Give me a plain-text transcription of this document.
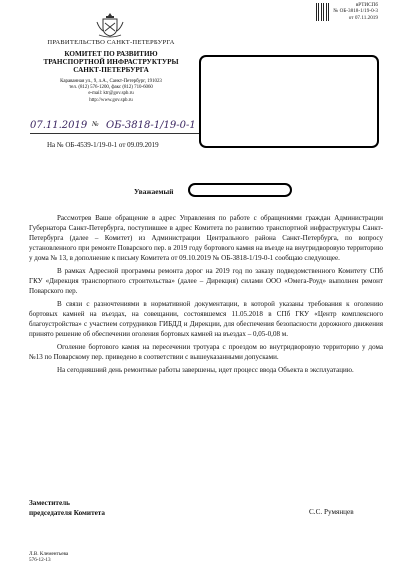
вРТИСПб
№ ОБ-3818-1/19-0-3
от 07.11.2019
ПРАВИТЕЛЬСТВО САНКТ-ПЕТЕРБУРГА
КОМИТЕТ ПО РАЗВИТИЮ
ТРАНСПОРТНОЙ ИНФРАСТРУКТУРЫ
САНКТ-ПЕТЕРБУРГА
Караванная ул., 9, л.А., Санкт-Петербург, 191023
тел. (812) 576-1200, факс (812) 710-6060
e-mail: ktr@gov.spb.ru
http://www.gov.spb.ru
07.11.2019 № ОБ-3818-1/19-0-1
На № ОБ-4539-1/19-0-1 от 09.09.2019
Уважаемый

Рассмотрев Ваше обращение в адрес Управления по работе с обращениями граждан Администрации Губернатора Санкт-Петербурга, поступившее в адрес Комитета по развитию транспортной инфраструктуры Санкт-Петербурга (далее – Комитет) из Администрации Центрального района Санкт-Петербурга, по вопросу установленного при ремонте Поварского пер. в 2019 году бортового камня на въезде на внутридворовую территорию у дома № 13, в дополнение к письму Комитета от 09.10.2019 № ОБ-3818-1/19-0-1 сообщаю следующее.

В рамках Адресной программы ремонта дорог на 2019 год по заказу подведомственного Комитету СПб ГКУ «Дирекция транспортного строительства» (далее – Дирекция) силами ООО «Омега-Роуд» выполнен ремонт Поварского пер.

В связи с разночтениями в нормативной документации, в которой указаны требования к оголению бортовых камней на въездах, на совещании, состоявшемся 11.05.2018 в СПб ГКУ «Центр комплексного благоустройства» с участием сотрудников ГИБДД и Дирекции, для обеспечения безопасности дорожного движения принято решение об обеспечении оголения бортовых камней на въездах – 0,05-0,08 м.

Оголение бортового камня на пересечении тротуара с проездом во внутридворовую территорию у дома №13 по Поварскому пер. приведено в соответствии с вышеуказанными допусками.

На сегодняшний день ремонтные работы завершены, идет процесс ввода Объекта в эксплуатацию.

Заместитель
председателя Комитета	С.С. Румянцев
Л.В. Клементьева
576-12-13
